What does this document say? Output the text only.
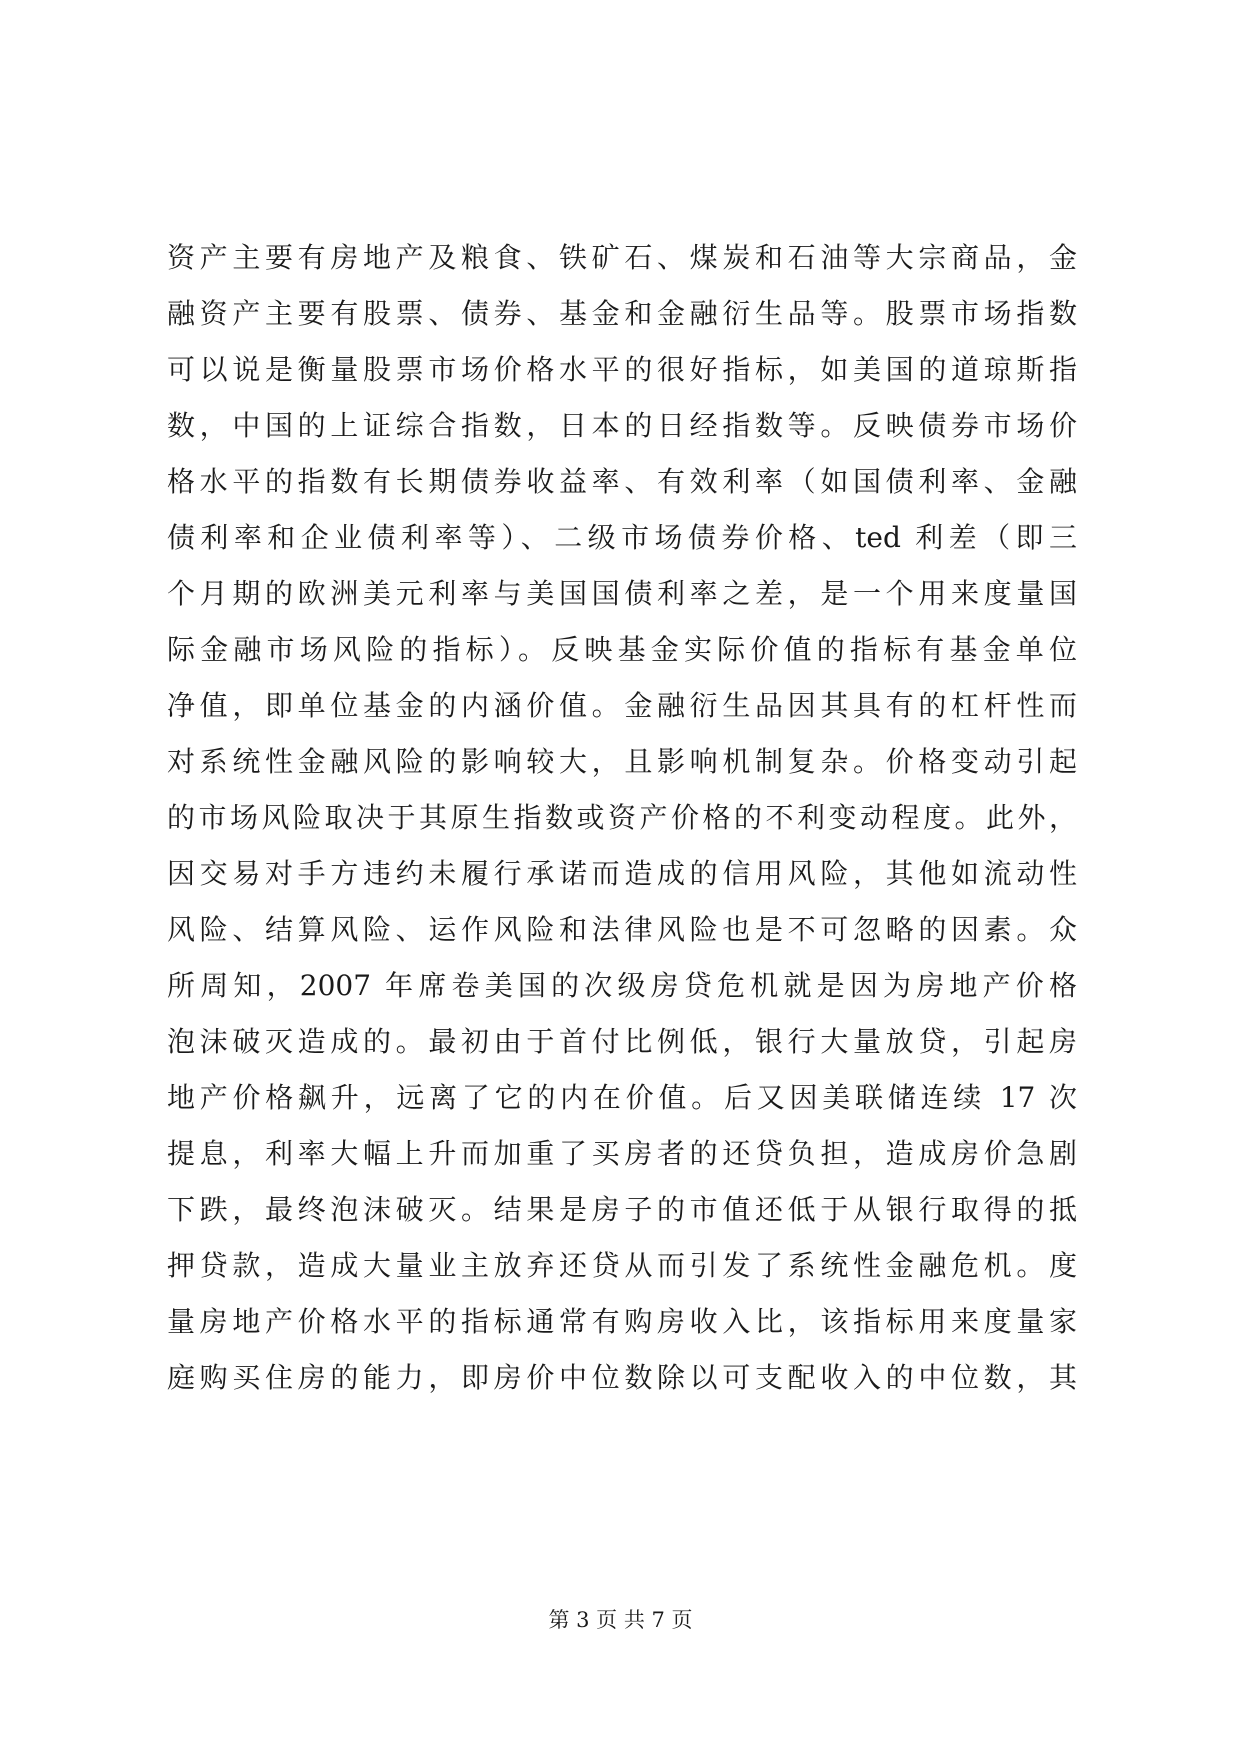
资产主要有房地产及粮食、铁矿石、煤炭和石油等大宗商品，金
融资产主要有股票、债券、基金和金融衍生品等。股票市场指数
可以说是衡量股票市场价格水平的很好指标，如美国的道琼斯指
数，中国的上证综合指数，日本的日经指数等。反映债券市场价
格水平的指数有长期债券收益率、有效利率（如国债利率、金融
债利率和企业债利率等）、二级市场债券价格、ted 利差（即三
个月期的欧洲美元利率与美国国债利率之差，是一个用来度量国
际金融市场风险的指标）。反映基金实际价值的指标有基金单位
净值，即单位基金的内涵价值。金融衍生品因其具有的杠杆性而
对系统性金融风险的影响较大，且影响机制复杂。价格变动引起
的市场风险取决于其原生指数或资产价格的不利变动程度。此外，
因交易对手方违约未履行承诺而造成的信用风险，其他如流动性
风险、结算风险、运作风险和法律风险也是不可忽略的因素。众
所周知，2007 年席卷美国的次级房贷危机就是因为房地产价格
泡沫破灭造成的。最初由于首付比例低，银行大量放贷，引起房
地产价格飙升，远离了它的内在价值。后又因美联储连续 17 次
提息，利率大幅上升而加重了买房者的还贷负担，造成房价急剧
下跌，最终泡沫破灭。结果是房子的市值还低于从银行取得的抵
押贷款，造成大量业主放弃还贷从而引发了系统性金融危机。度
量房地产价格水平的指标通常有购房收入比，该指标用来度量家
庭购买住房的能力，即房价中位数除以可支配收入的中位数，其
第 3 页 共 7 页
